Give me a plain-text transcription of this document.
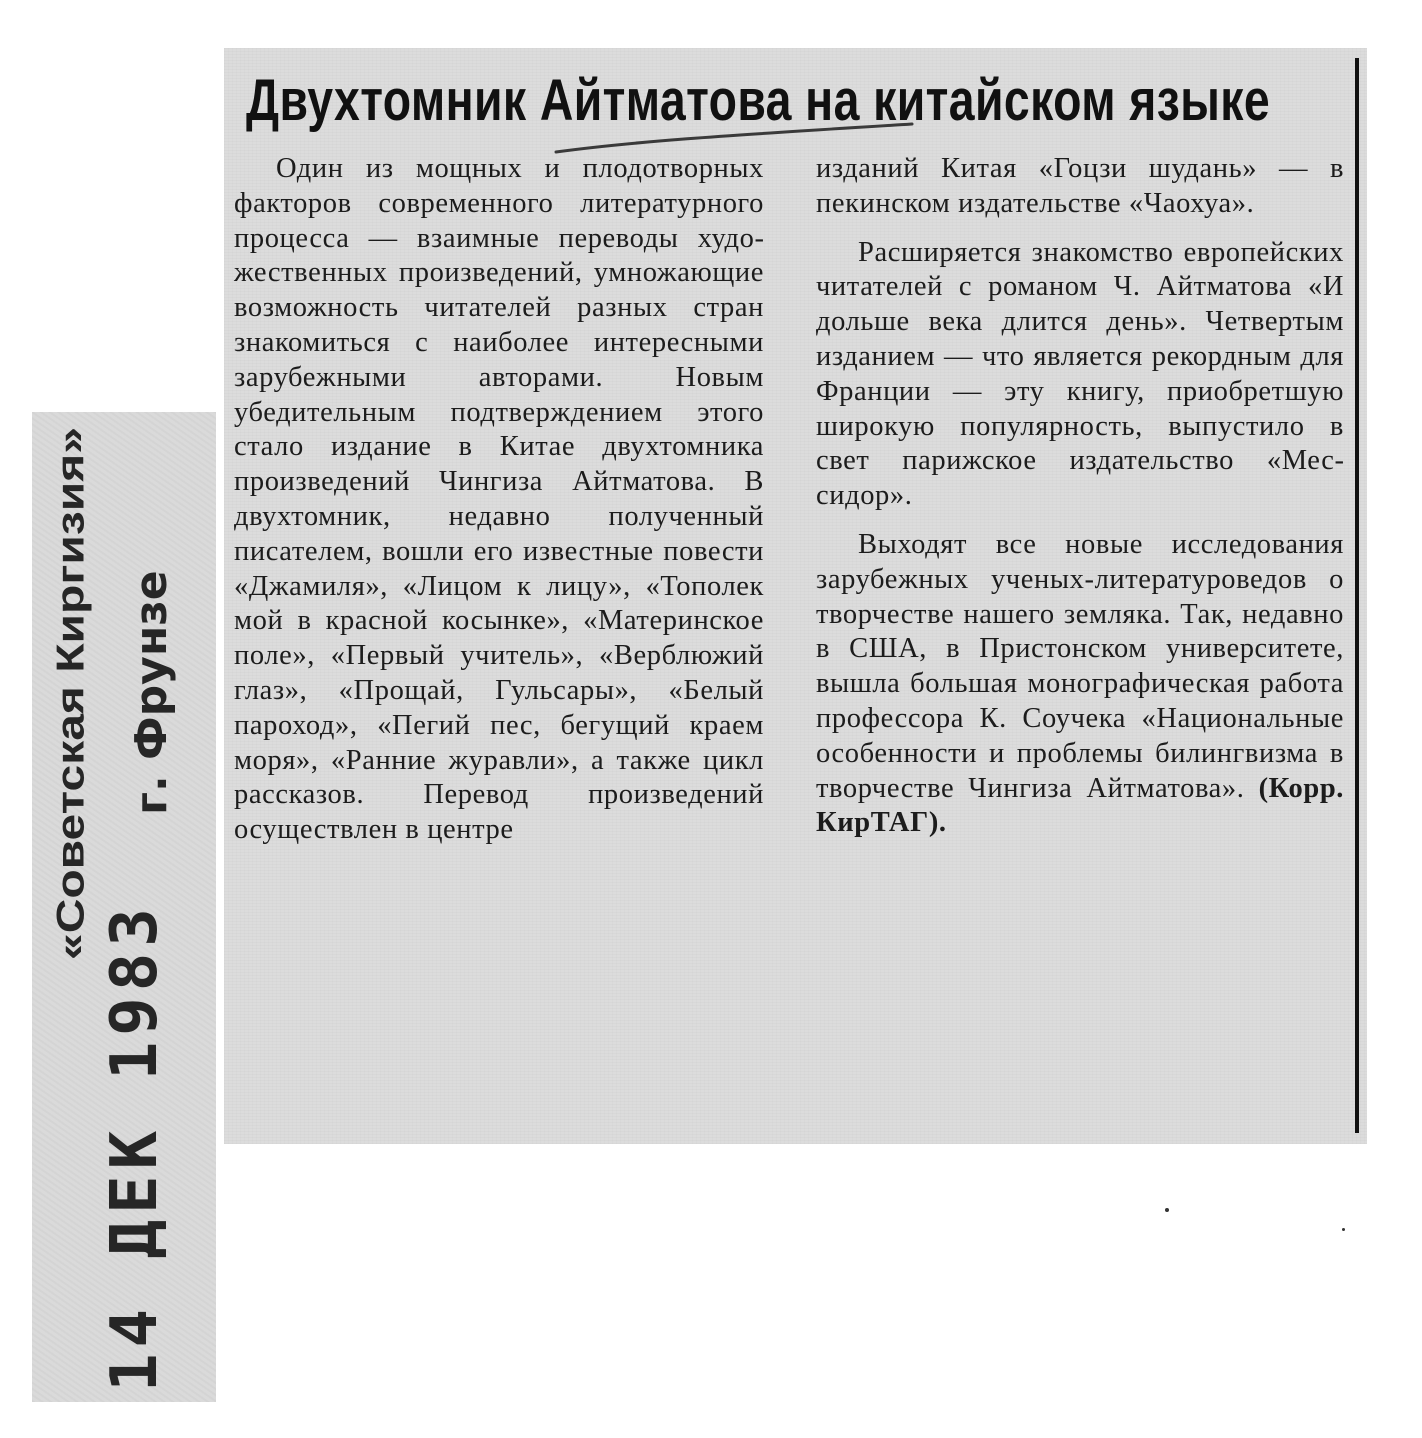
14 ДЕК 1983
«Советская Киргизия» г. Фрунзе
Двухтомник Айтматова на китайском языке

Один из мощных и плодотворных факторов современного литературного процесса — взаимные переводы художественных произведений, умножающие возможность читателей разных стран знакомиться с наиболее интересными зарубежными авторами. Новым убедительным подтверждением этого стало издание в Китае двухтомника произведений Чингиза Айтматова. В двухтомник, недавно полученный писателем, вошли его известные повести «Джамиля», «Лицом к лицу», «Тополек мой в красной косынке», «Материнское поле», «Первый учитель», «Верблюжий глаз», «Прощай, Гульсары», «Белый пароход», «Пегий пес, бегущий краем моря», «Ранние журавли», а также цикл рассказов. Перевод произведений осуществлен в центре

изданий Китая «Гоцзи шудань» — в пекинском издательстве «Чаохуа».

Расширяется знакомство европейских читателей с романом Ч. Айтматова «И дольше века длится день». Четвертым изданием — что является рекордным для Франции — эту книгу, приобретшую широкую популярность, выпустило в свет парижское издательство «Мессидор».

Выходят все новые исследования зарубежных ученых-литературоведов о творчестве нашего земляка. Так, недавно в США, в Пристонском университете, вышла большая монографическая работа профессора К. Соучека «Национальные особенности и проблемы билингвизма в творчестве Чингиза Айтматова». (Корр. КирТАГ).
